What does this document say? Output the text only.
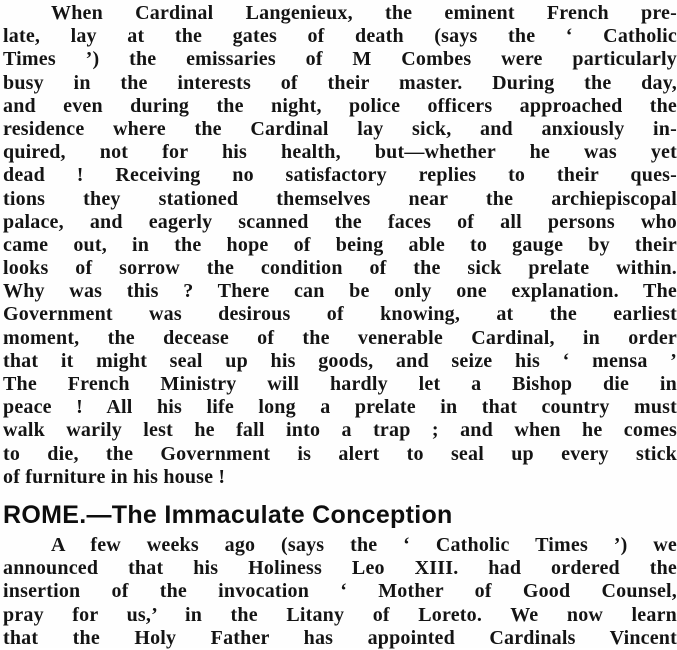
When Cardinal Langenieux, the eminent French pre-
late, lay at the gates of death (says the ‘ Catholic
Times ’) the emissaries of M Combes were particularly
busy in the interests of their master. During the day,
and even during the night, police officers approached the
residence where the Cardinal lay sick, and anxiously in-
quired, not for his health, but—whether he was yet
dead ! Receiving no satisfactory replies to their ques-
tions they stationed themselves near the archiepiscopal
palace, and eagerly scanned the faces of all persons who
came out, in the hope of being able to gauge by their
looks of sorrow the condition of the sick prelate within.
Why was this ? There can be only one explanation. The
Government was desirous of knowing, at the earliest
moment, the decease of the venerable Cardinal, in order
that it might seal up his goods, and seize his ‘ mensa ’
The French Ministry will hardly let a Bishop die in
peace ! All his life long a prelate in that country must
walk warily lest he fall into a trap ; and when he comes
to die, the Government is alert to seal up every stick
of furniture in his house !
ROME.—The Immaculate Conception
A few weeks ago (says the ‘ Catholic Times ’) we
announced that his Holiness Leo XIII. had ordered the
insertion of the invocation ‘ Mother of Good Counsel,
pray for us,’ in the Litany of Loreto. We now learn
that the Holy Father has appointed Cardinals Vincent
